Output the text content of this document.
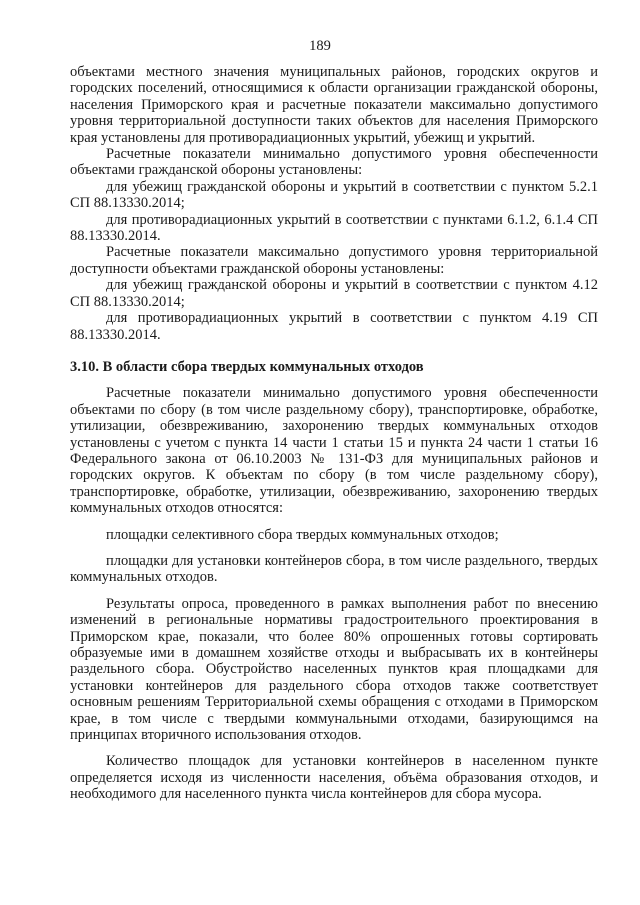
189

объектами местного значения муниципальных районов, городских округов и городских поселений, относящимися к области организации гражданской обороны, населения Приморского края и расчетные показатели максимально допустимого уровня территориальной доступности таких объектов для населения Приморского края установлены для противорадиационных укрытий, убежищ и укрытий.

Расчетные показатели минимально допустимого уровня обеспеченности объектами гражданской обороны установлены:

для убежищ гражданской обороны и укрытий в соответствии с пунктом 5.2.1 СП 88.13330.2014;

для противорадиационных укрытий в соответствии с пунктами 6.1.2, 6.1.4 СП 88.13330.2014.

Расчетные показатели максимально допустимого уровня территориальной доступности объектами гражданской обороны установлены:

для убежищ гражданской обороны и укрытий в соответствии с пунктом 4.12 СП 88.13330.2014;

для противорадиационных укрытий в соответствии с пунктом 4.19 СП 88.13330.2014.

3.10. В области сбора твердых коммунальных отходов

Расчетные показатели минимально допустимого уровня обеспеченности объектами по сбору (в том числе раздельному сбору), транспортировке, обработке, утилизации, обезвреживанию, захоронению твердых коммунальных отходов установлены с учетом с пункта 14 части 1 статьи 15 и пункта 24 части 1 статьи 16 Федерального закона от 06.10.2003 № 131-ФЗ для муниципальных районов и городских округов. К объектам по сбору (в том числе раздельному сбору), транспортировке, обработке, утилизации, обезвреживанию, захоронению твердых коммунальных отходов относятся:

площадки селективного сбора твердых коммунальных отходов;

площадки для установки контейнеров сбора, в том числе раздельного, твердых коммунальных отходов.

Результаты опроса, проведенного в рамках выполнения работ по внесению изменений в региональные нормативы градостроительного проектирования в Приморском крае, показали, что более 80% опрошенных готовы сортировать образуемые ими в домашнем хозяйстве отходы и выбрасывать их в контейнеры раздельного сбора. Обустройство населенных пунктов края площадками для установки контейнеров для раздельного сбора отходов также соответствует основным решениям Территориальной схемы обращения с отходами в Приморском крае, в том числе с твердыми коммунальными отходами, базирующимся на принципах вторичного использования отходов.

Количество площадок для установки контейнеров в населенном пункте определяется исходя из численности населения, объёма образования отходов, и необходимого для населенного пункта числа контейнеров для сбора мусора.
